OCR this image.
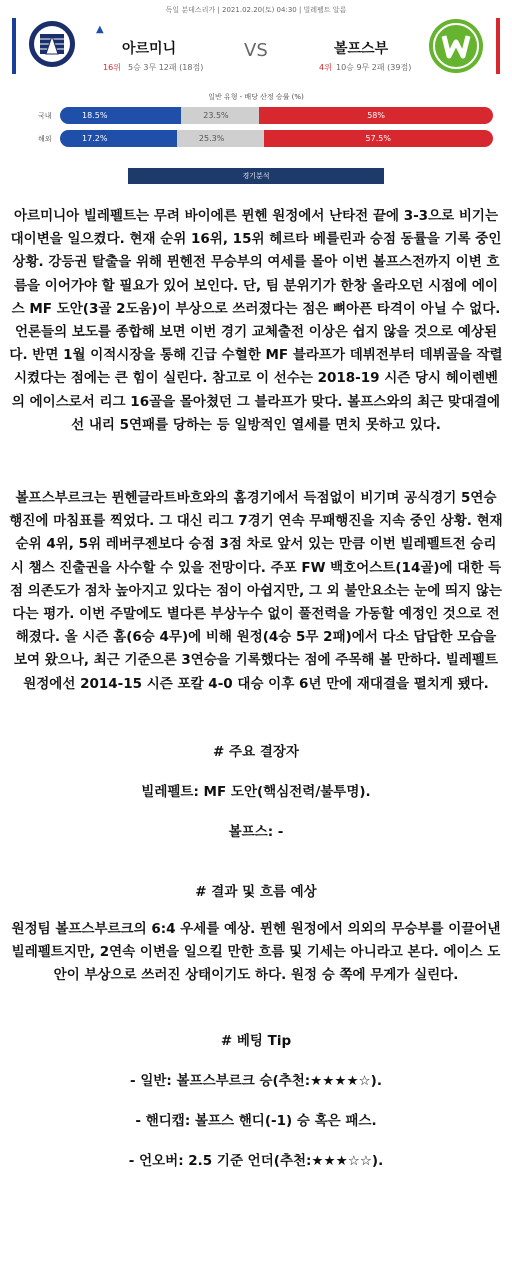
독일 분데스리가 | 2021.02.20(토) 04:30 | 빌레펠트 알름
▲
아르미니	VS	볼프스부
16위 5승 3무 12패 (18점)	4위 10승 9무 2패 (39점)
일반 유형 - 배당 산정 승률 (%)
국내	18.5%	23.5%	58%
해외	17.2%	25.3%	57.5%
경기분석

아르미니아 빌레펠트는 무려 바이에른 뮌헨 원정에서 난타전 끝에 3-3으로 비기는 대이변을 일으켰다. 현재 순위 16위, 15위 헤르타 베를린과 승점 동률을 기록 중인 상황. 강등권 탈출을 위해 뮌헨전 무승부의 여세를 몰아 이번 볼프스전까지 이변 흐름을 이어가야 할 필요가 있어 보인다. 단, 팀 분위기가 한창 올라오던 시점에 에이스 MF 도안(3골 2도움)이 부상으로 쓰러졌다는 점은 뼈아픈 타격이 아닐 수 없다. 언론들의 보도를 종합해 보면 이번 경기 교체출전 이상은 쉽지 않을 것으로 예상된다. 반면 1월 이적시장을 통해 긴급 수혈한 MF 블라프가 데뷔전부터 데뷔골을 작렬시켰다는 점에는 큰 힘이 실린다. 참고로 이 선수는 2018-19 시즌 당시 헤이렌벤의 에이스로서 리그 16골을 몰아쳤던 그 블라프가 맞다. 볼프스와의 최근 맞대결에선 내리 5연패를 당하는 등 일방적인 열세를 면치 못하고 있다.

볼프스부르크는 뮌헨글라트바흐와의 홈경기에서 득점없이 비기며 공식경기 5연승 행진에 마침표를 찍었다. 그 대신 리그 7경기 연속 무패행진을 지속 중인 상황. 현재 순위 4위, 5위 레버쿠젠보다 승점 3점 차로 앞서 있는 만큼 이번 빌레펠트전 승리 시 챔스 진출권을 사수할 수 있을 전망이다. 주포 FW 백호어스트(14골)에 대한 득점 의존도가 점차 높아지고 있다는 점이 아쉽지만, 그 외 불안요소는 눈에 띄지 않는다는 평가. 이번 주말에도 별다른 부상누수 없이 풀전력을 가동할 예정인 것으로 전해졌다. 올 시즌 홈(6승 4무)에 비해 원정(4승 5무 2패)에서 다소 답답한 모습을 보여 왔으나, 최근 기준으론 3연승을 기록했다는 점에 주목해 볼 만하다. 빌레펠트 원정에선 2014-15 시즌 포칼 4-0 대승 이후 6년 만에 재대결을 펼치게 됐다.

# 주요 결장자

빌레펠트: MF 도안(핵심전력/불투명).

볼프스: -

# 결과 및 흐름 예상

원정팀 볼프스부르크의 6:4 우세를 예상. 뮌헨 원정에서 의외의 무승부를 이끌어낸 빌레펠트지만, 2연속 이변을 일으킬 만한 흐름 및 기세는 아니라고 본다. 에이스 도안이 부상으로 쓰러진 상태이기도 하다. 원정 승 쪽에 무게가 실린다.

# 베팅 Tip

- 일반: 볼프스부르크 승(추천:★★★★☆).

- 핸디캡: 볼프스 핸디(-1) 승 혹은 패스.

- 언오버: 2.5 기준 언더(추천:★★★☆☆).
